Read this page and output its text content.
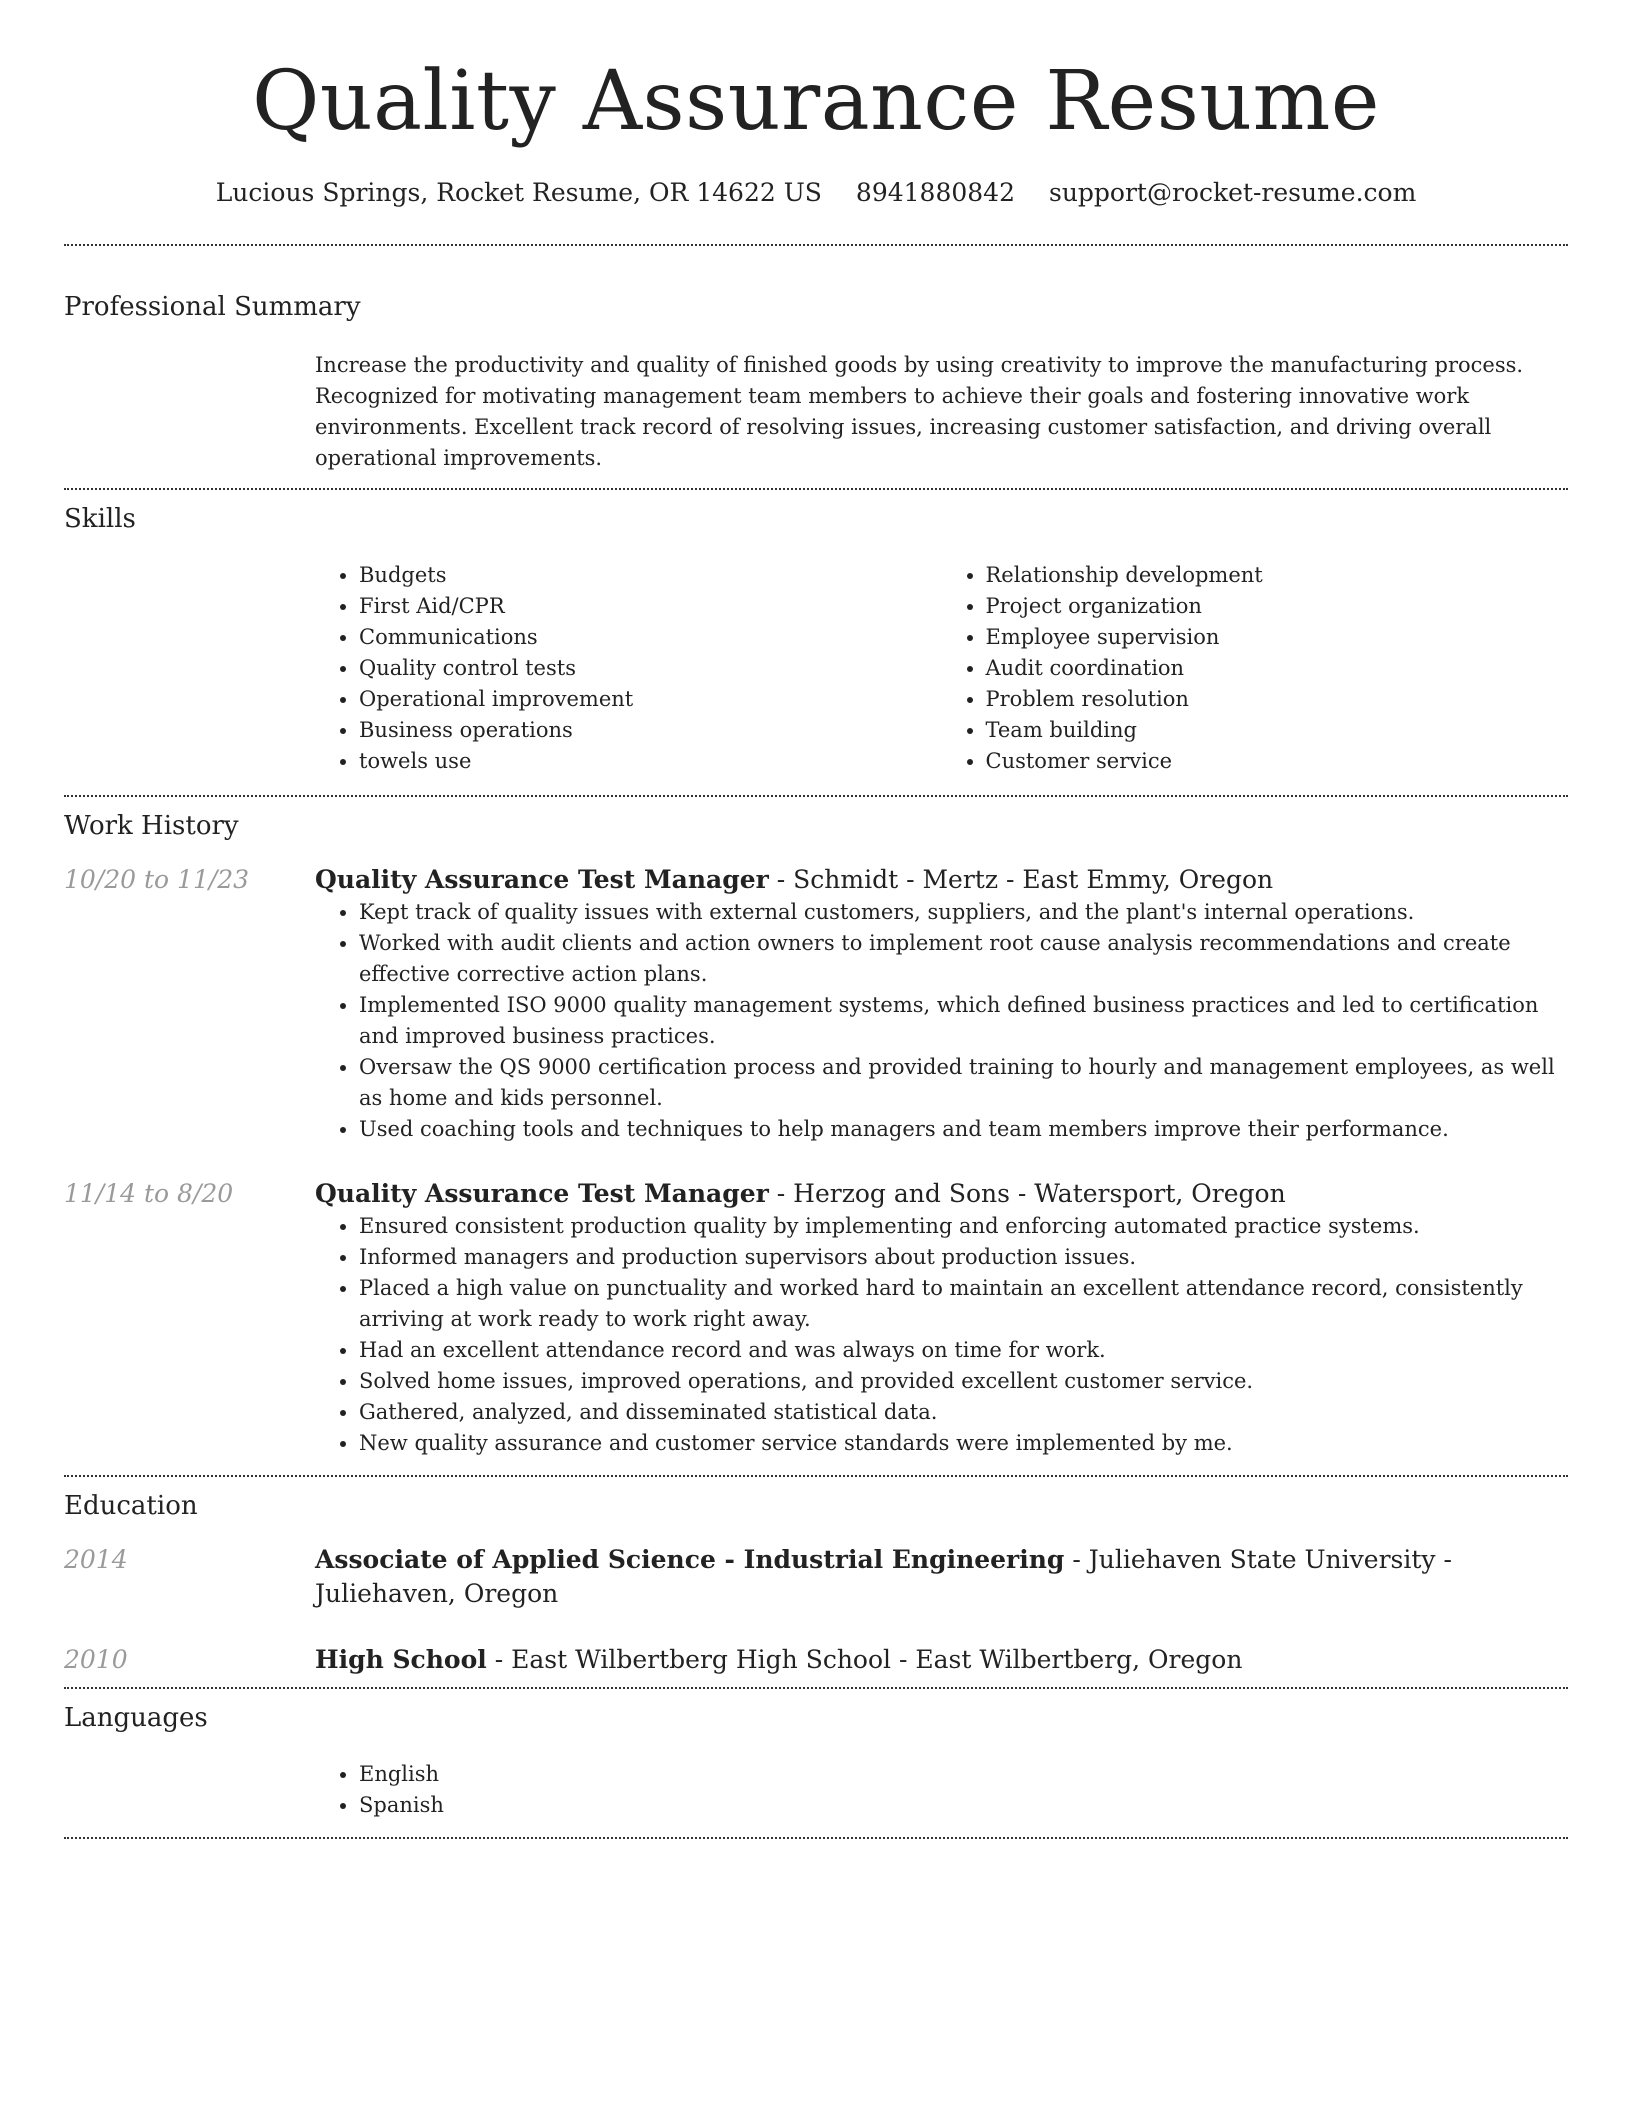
Quality Assurance Resume
Lucious Springs, Rocket Resume, OR 14622 US 8941880842 support@rocket-resume.com
Professional Summary

Increase the productivity and quality of finished goods by using creativity to improve the manufacturing process. Recognized for motivating management team members to achieve their goals and fostering innovative work environments. Excellent track record of resolving issues, increasing customer satisfaction, and driving overall operational improvements.

Skills
• Budgets
• First Aid/CPR
• Communications
• Quality control tests
• Operational improvement
• Business operations
• towels use
• Relationship development
• Project organization
• Employee supervision
• Audit coordination
• Problem resolution
• Team building
• Customer service
Work History
10/20 to 11/23	Quality Assurance Test Manager - Schmidt - Mertz - East Emmy, Oregon
• Kept track of quality issues with external customers, suppliers, and the plant's internal operations.
• Worked with audit clients and action owners to implement root cause analysis recommendations and create effective corrective action plans.
• Implemented ISO 9000 quality management systems, which defined business practices and led to certification and improved business practices.
• Oversaw the QS 9000 certification process and provided training to hourly and management employees, as well as home and kids personnel.
• Used coaching tools and techniques to help managers and team members improve their performance.
11/14 to 8/20	Quality Assurance Test Manager - Herzog and Sons - Watersport, Oregon
• Ensured consistent production quality by implementing and enforcing automated practice systems.
• Informed managers and production supervisors about production issues.
• Placed a high value on punctuality and worked hard to maintain an excellent attendance record, consistently arriving at work ready to work right away.
• Had an excellent attendance record and was always on time for work.
• Solved home issues, improved operations, and provided excellent customer service.
• Gathered, analyzed, and disseminated statistical data.
• New quality assurance and customer service standards were implemented by me.
Education
2014	Associate of Applied Science - Industrial Engineering - Juliehaven State University - Juliehaven, Oregon
2010	High School - East Wilbertberg High School - East Wilbertberg, Oregon
Languages
• English
• Spanish
